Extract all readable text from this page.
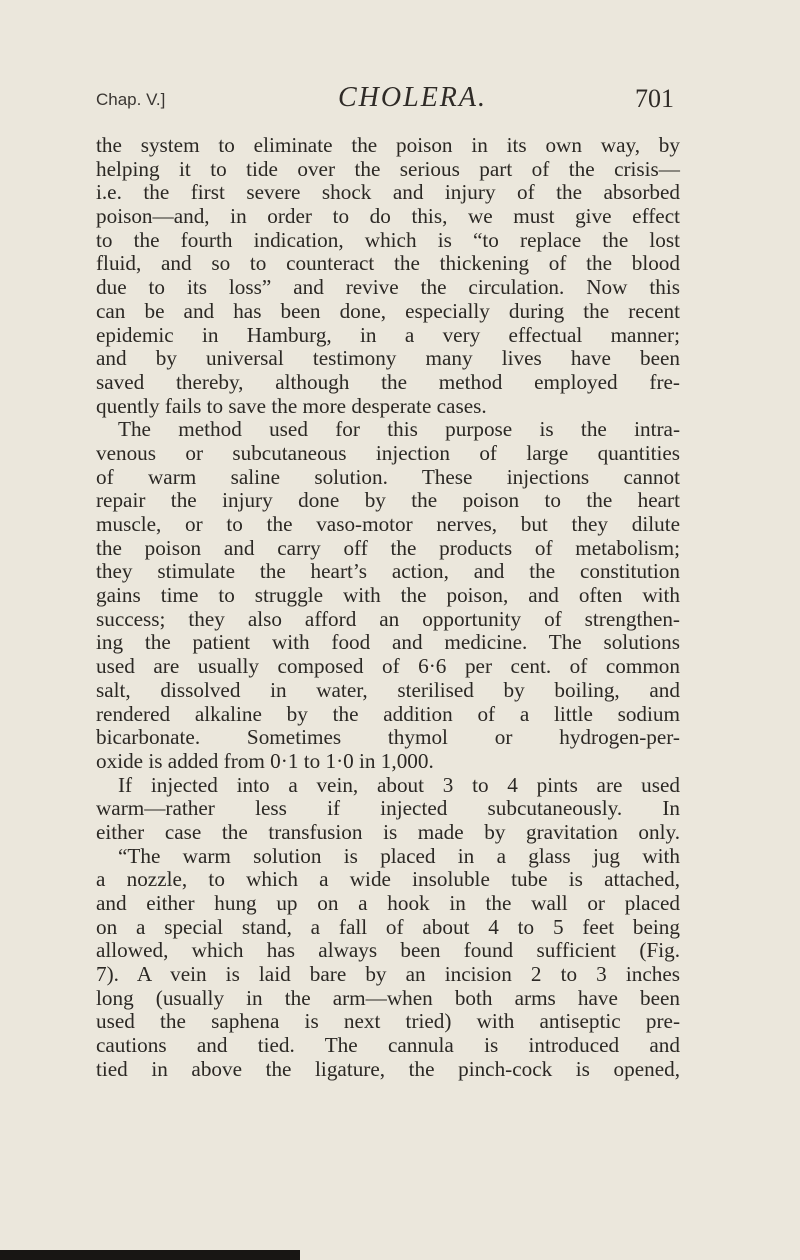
Chap. V.]	CHOLERA.	701
the system to eliminate the poison in its own way, by
helping it to tide over the serious part of the crisis—
i.e. the first severe shock and injury of the absorbed
poison—and, in order to do this, we must give effect
to the fourth indication, which is “to replace the lost
fluid, and so to counteract the thickening of the blood
due to its loss” and revive the circulation. Now this
can be and has been done, especially during the recent
epidemic in Hamburg, in a very effectual manner;
and by universal testimony many lives have been
saved thereby, although the method employed fre-
quently fails to save the more desperate cases.
The method used for this purpose is the intra-
venous or subcutaneous injection of large quantities
of warm saline solution. These injections cannot
repair the injury done by the poison to the heart
muscle, or to the vaso-motor nerves, but they dilute
the poison and carry off the products of metabolism;
they stimulate the heart’s action, and the constitution
gains time to struggle with the poison, and often with
success; they also afford an opportunity of strengthen-
ing the patient with food and medicine. The solutions
used are usually composed of 6·6 per cent. of common
salt, dissolved in water, sterilised by boiling, and
rendered alkaline by the addition of a little sodium
bicarbonate. Sometimes thymol or hydrogen-per-
oxide is added from 0·1 to 1·0 in 1,000.
If injected into a vein, about 3 to 4 pints are used
warm—rather less if injected subcutaneously. In
either case the transfusion is made by gravitation only.
“The warm solution is placed in a glass jug with
a nozzle, to which a wide insoluble tube is attached,
and either hung up on a hook in the wall or placed
on a special stand, a fall of about 4 to 5 feet being
allowed, which has always been found sufficient (Fig.
7). A vein is laid bare by an incision 2 to 3 inches
long (usually in the arm—when both arms have been
used the saphena is next tried) with antiseptic pre-
cautions and tied. The cannula is introduced and
tied in above the ligature, the pinch-cock is opened,
